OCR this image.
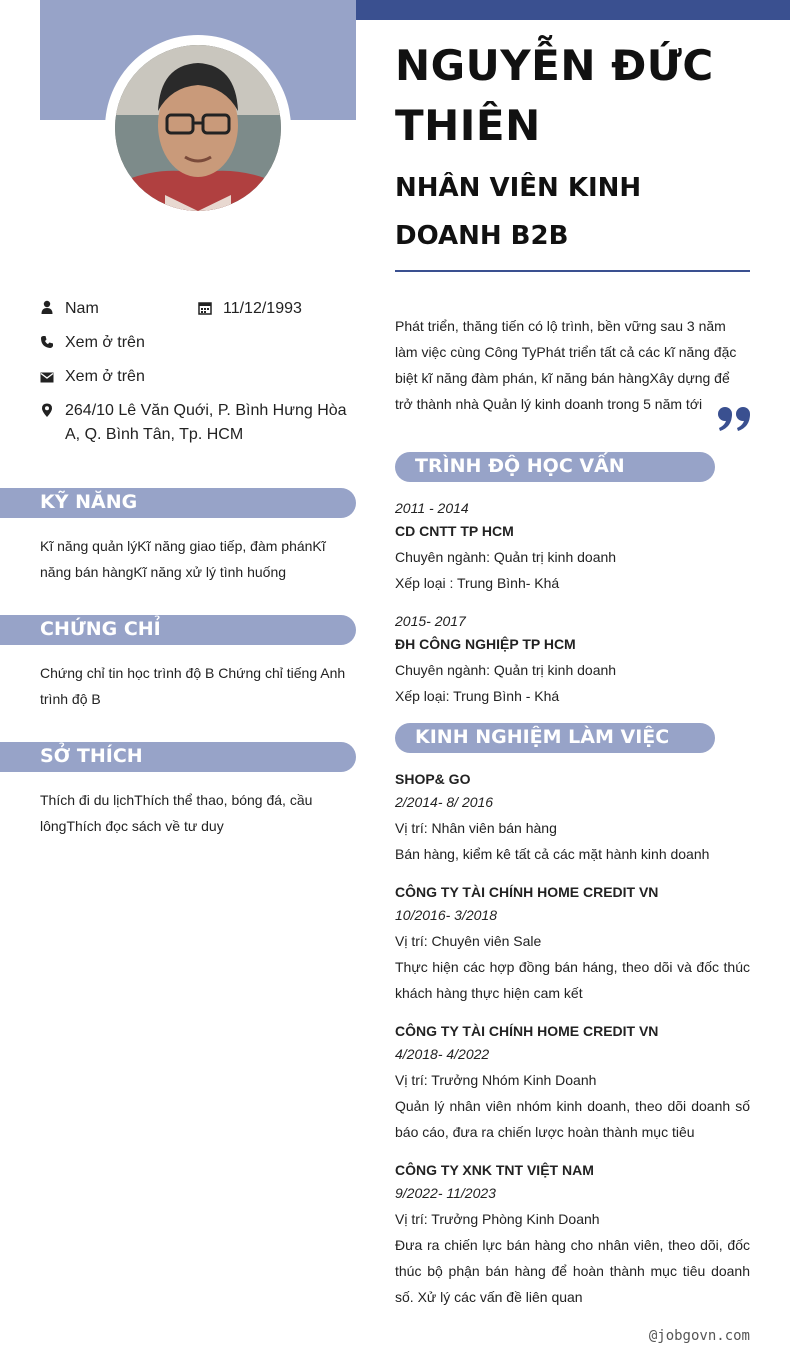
NGUYỄN ĐỨC THIÊN
NHÂN VIÊN KINH DOANH B2B
Nam	11/12/1993
Xem ở trên
Xem ở trên
264/10 Lê Văn Quới, P. Bình Hưng Hòa A, Q. Bình Tân, Tp. HCM
KỸ NĂNG
Kĩ năng quản lýKĩ năng giao tiếp, đàm phánKĩ năng bán hàngKĩ năng xử lý tình huống
CHỨNG CHỈ
Chứng chỉ tin học trình độ B Chứng chỉ tiếng Anh trình độ B
SỞ THÍCH
Thích đi du lịchThích thể thao, bóng đá, cầu lôngThích đọc sách về tư duy
Phát triển, thăng tiến có lộ trình, bền vững sau 3 năm làm việc cùng Công TyPhát triển tất cả các kĩ năng đặc biệt kĩ năng đàm phán, kĩ năng bán hàngXây dựng để trở thành nhà Quản lý kinh doanh trong 5 năm tới
TRÌNH ĐỘ HỌC VẤN
2011 - 2014
CD CNTT TP HCM
Chuyên ngành: Quản trị kinh doanh
Xếp loại : Trung Bình- Khá
2015- 2017
ĐH CÔNG NGHIỆP TP HCM
Chuyên ngành: Quản trị kinh doanh
Xếp loại: Trung Bình - Khá
KINH NGHIỆM LÀM VIỆC
SHOP& GO
2/2014- 8/ 2016
Vị trí: Nhân viên bán hàng
Bán hàng, kiểm kê tất cả các mặt hành kinh doanh
CÔNG TY TÀI CHÍNH HOME CREDIT VN
10/2016- 3/2018
Vị trí: Chuyên viên Sale
Thực hiện các hợp đồng bán háng, theo dõi và đốc thúc khách hàng thực hiện cam kết
CÔNG TY TÀI CHÍNH HOME CREDIT VN
4/2018- 4/2022
Vị trí: Trưởng Nhóm Kinh Doanh
Quản lý nhân viên nhóm kinh doanh, theo dõi doanh số báo cáo, đưa ra chiến lược hoàn thành mục tiêu
CÔNG TY XNK TNT VIỆT NAM
9/2022- 11/2023
Vị trí: Trưởng Phòng Kinh Doanh
Đưa ra chiến lực bán hàng cho nhân viên, theo dõi, đốc thúc bộ phận bán hàng để hoàn thành mục tiêu doanh số. Xử lý các vấn đề liên quan
@jobgovn.com
